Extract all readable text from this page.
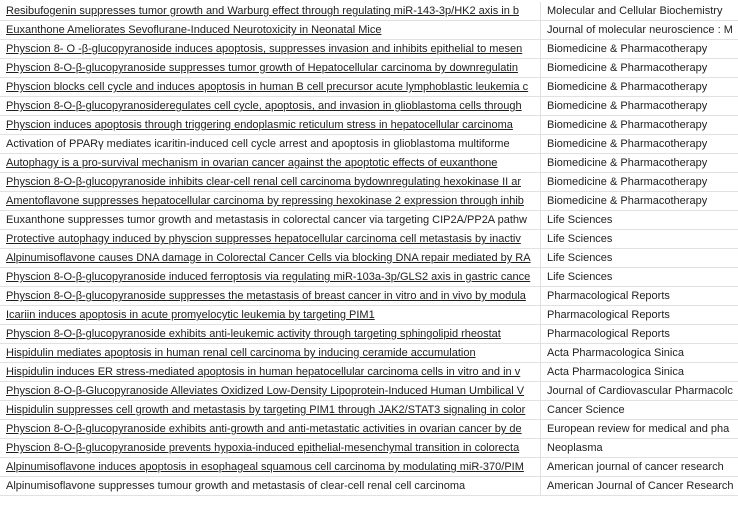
Resibufogenin suppresses tumor growth and Warburg effect through regulating miR-143-3p/HK2 axis in b	Molecular and Cellular Biochemistry
Euxanthone Ameliorates Sevoflurane-Induced Neurotoxicity in Neonatal Mice	Journal of molecular neuroscience : M
Physcion 8- O -β-glucopyranoside induces apoptosis, suppresses invasion and inhibits epithelial to mesen	Biomedicine & Pharmacotherapy
Physcion 8-O-β-glucopyranoside suppresses tumor growth of Hepatocellular carcinoma by downregulatin	Biomedicine & Pharmacotherapy
Physcion blocks cell cycle and induces apoptosis in human B cell precursor acute lymphoblastic leukemia c	Biomedicine & Pharmacotherapy
Physcion 8-O-β-glucopyranosideregulates cell cycle, apoptosis, and invasion in glioblastoma cells through	Biomedicine & Pharmacotherapy
Physcion induces apoptosis through triggering endoplasmic reticulum stress in hepatocellular carcinoma	Biomedicine & Pharmacotherapy
Activation of PPARγ mediates icaritin-induced cell cycle arrest and apoptosis in glioblastoma multiforme	Biomedicine & Pharmacotherapy
Autophagy is a pro-survival mechanism in ovarian cancer against the apoptotic effects of euxanthone	Biomedicine & Pharmacotherapy
Physcion 8-O-β-glucopyranoside inhibits clear-cell renal cell carcinoma bydownregulating hexokinase II ar	Biomedicine & Pharmacotherapy
Amentoflavone suppresses hepatocellular carcinoma by repressing hexokinase 2 expression through inhib	Biomedicine & Pharmacotherapy
Euxanthone suppresses tumor growth and metastasis in colorectal cancer via targeting CIP2A/PP2A pathw	Life Sciences
Protective autophagy induced by physcion suppresses hepatocellular carcinoma cell metastasis by inactiv	Life Sciences
Alpinumisoflavone causes DNA damage in Colorectal Cancer Cells via blocking DNA repair mediated by RA	Life Sciences
Physcion 8-O-β-glucopyranoside induced ferroptosis via regulating miR-103a-3p/GLS2 axis in gastric cance	Life Sciences
Physcion 8-O-β-glucopyranoside suppresses the metastasis of breast cancer in vitro and in vivo by modula	Pharmacological Reports
Icariin induces apoptosis in acute promyelocytic leukemia by targeting PIM1	Pharmacological Reports
Physcion 8-O-β-glucopyranoside exhibits anti-leukemic activity through targeting sphingolipid rheostat	Pharmacological Reports
Hispidulin mediates apoptosis in human renal cell carcinoma by inducing ceramide accumulation	Acta Pharmacologica Sinica
Hispidulin induces ER stress-mediated apoptosis in human hepatocellular carcinoma cells in vitro and in v	Acta Pharmacologica Sinica
Physcion 8-O-β-Glucopyranoside Alleviates Oxidized Low-Density Lipoprotein-Induced Human Umbilical V	Journal of Cardiovascular Pharmacolc
Hispidulin suppresses cell growth and metastasis by targeting PIM1 through JAK2/STAT3 signaling in color	Cancer Science
Physcion 8-O-β-glucopyranoside exhibits anti-growth and anti-metastatic activities in ovarian cancer by de	European review for medical and pha
Physcion 8-O-β-glucopyranoside prevents hypoxia-induced epithelial-mesenchymal transition in colorecta	Neoplasma
Alpinumisoflavone induces apoptosis in esophageal squamous cell carcinoma by modulating miR-370/PIM	American journal of cancer research
Alpinumisoflavone suppresses tumour growth and metastasis of clear-cell renal cell carcinoma	American Journal of Cancer Research
